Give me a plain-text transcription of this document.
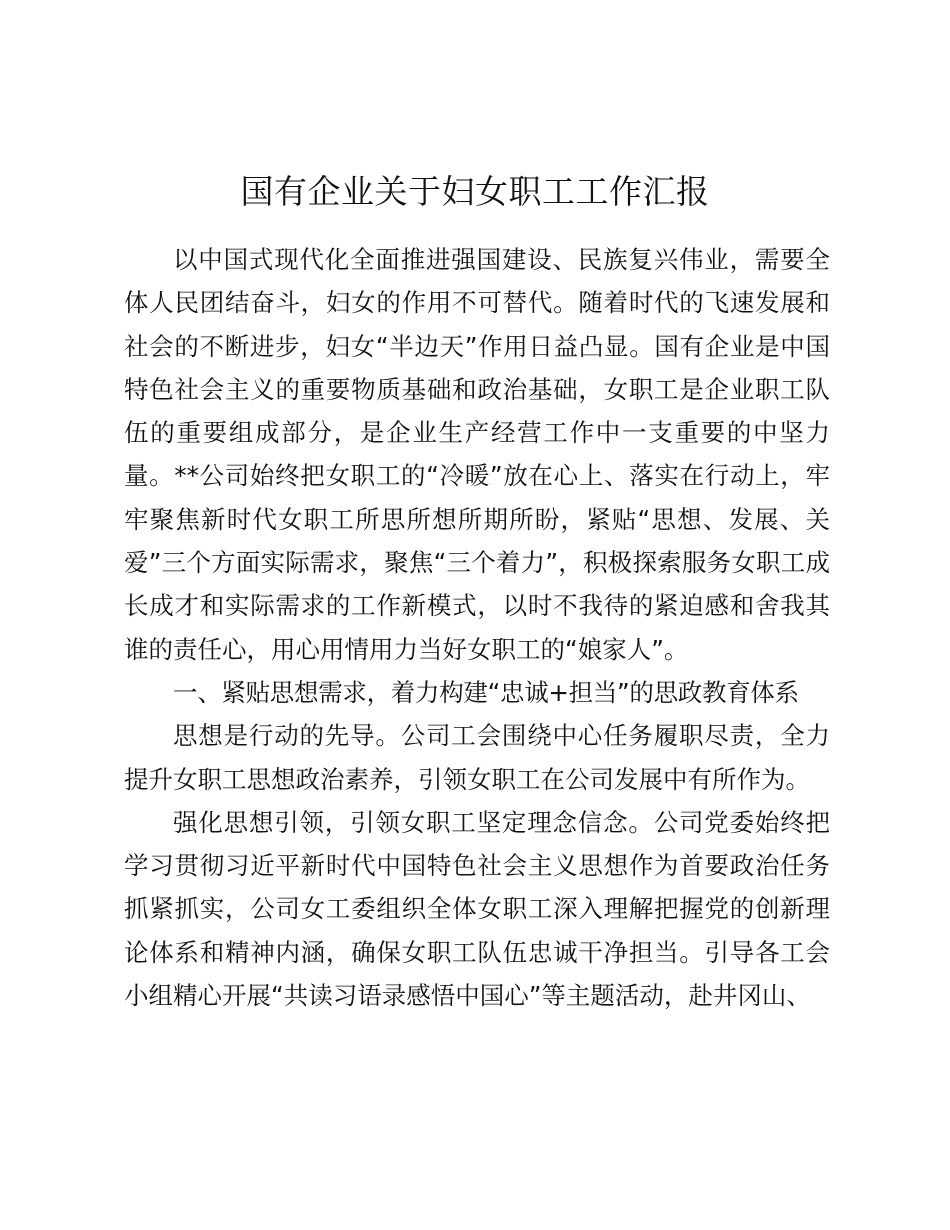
国有企业关于妇女职工工作汇报

以中国式现代化全面推进强国建设、民族复兴伟业，需要全体人民团结奋斗，妇女的作用不可替代。随着时代的飞速发展和社会的不断进步，妇女“半边天”作用日益凸显。国有企业是中国特色社会主义的重要物质基础和政治基础，女职工是企业职工队伍的重要组成部分，是企业生产经营工作中一支重要的中坚力量。**公司始终把女职工的“冷暖”放在心上、落实在行动上，牢牢聚焦新时代女职工所思所想所期所盼，紧贴“思想、发展、关爱”三个方面实际需求，聚焦“三个着力”，积极探索服务女职工成长成才和实际需求的工作新模式，以时不我待的紧迫感和舍我其谁的责任心，用心用情用力当好女职工的“娘家人”。

一、紧贴思想需求，着力构建“忠诚+担当”的思政教育体系

思想是行动的先导。公司工会围绕中心任务履职尽责，全力提升女职工思想政治素养，引领女职工在公司发展中有所作为。

强化思想引领，引领女职工坚定理念信念。公司党委始终把学习贯彻习近平新时代中国特色社会主义思想作为首要政治任务抓紧抓实，公司女工委组织全体女职工深入理解把握党的创新理论体系和精神内涵，确保女职工队伍忠诚干净担当。引导各工会小组精心开展“共读习语录感悟中国心”等主题活动，赴井冈山、
